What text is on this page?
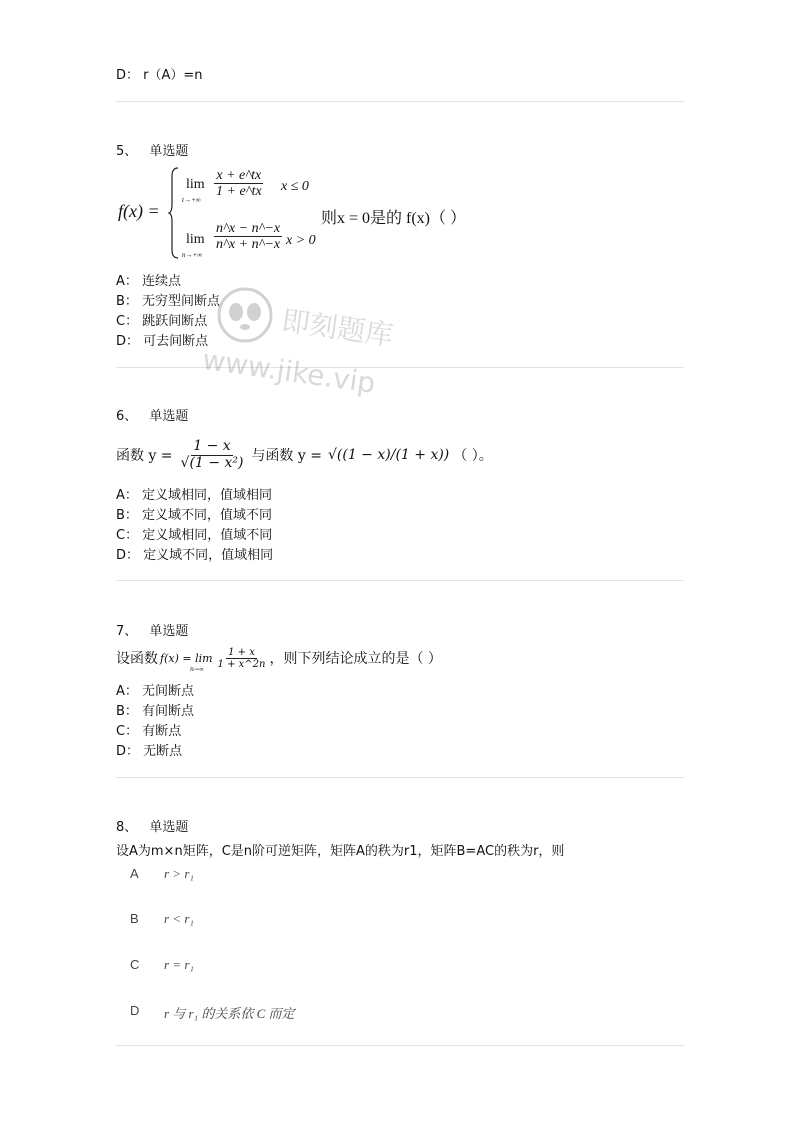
D： r（A）=n
5、 单选题
f(x) =
lim
t→+∞
$\frac{x + e\^{}tx}{1 + e\^{}tx}$ x ≤ 0
lim
n→+∞
$\frac{n\^{}x - n\^{}-x}{n\^{}x + n\^{}-x}$ x > 0
则x = 0是的 f(x)（ ）
A： 连续点
B： 无穷型间断点
C： 跳跃间断点
D： 可去间断点	即刻题库
www.jike.vip
6、 单选题
函数 $y = \frac{1 - x}{\text{√(1 − x²)}}$ 与函数 y = √((1 − x)/(1 + x)) （ ）。
A： 定义域相同，值域相同
B： 定义域不同，值域不同
C： 定义域相同，值域不同
D： 定义域不同，值域相同
7、 单选题
设函数 f(x) = lim
$n\to\infty \frac{1 + x}{1 + x\^{}2n}$ ，则下列结论成立的是（ ）
A： 无间断点
B： 有间断点
C： 有断点
D： 无断点
8、 单选题
设A为m×n矩阵，C是n阶可逆矩阵，矩阵A的秩为r1，矩阵B=AC的秩为r，则
A r > r₁
B r < r₁
C r = r₁
D r 与 r₁ 的关系依 C 而定
